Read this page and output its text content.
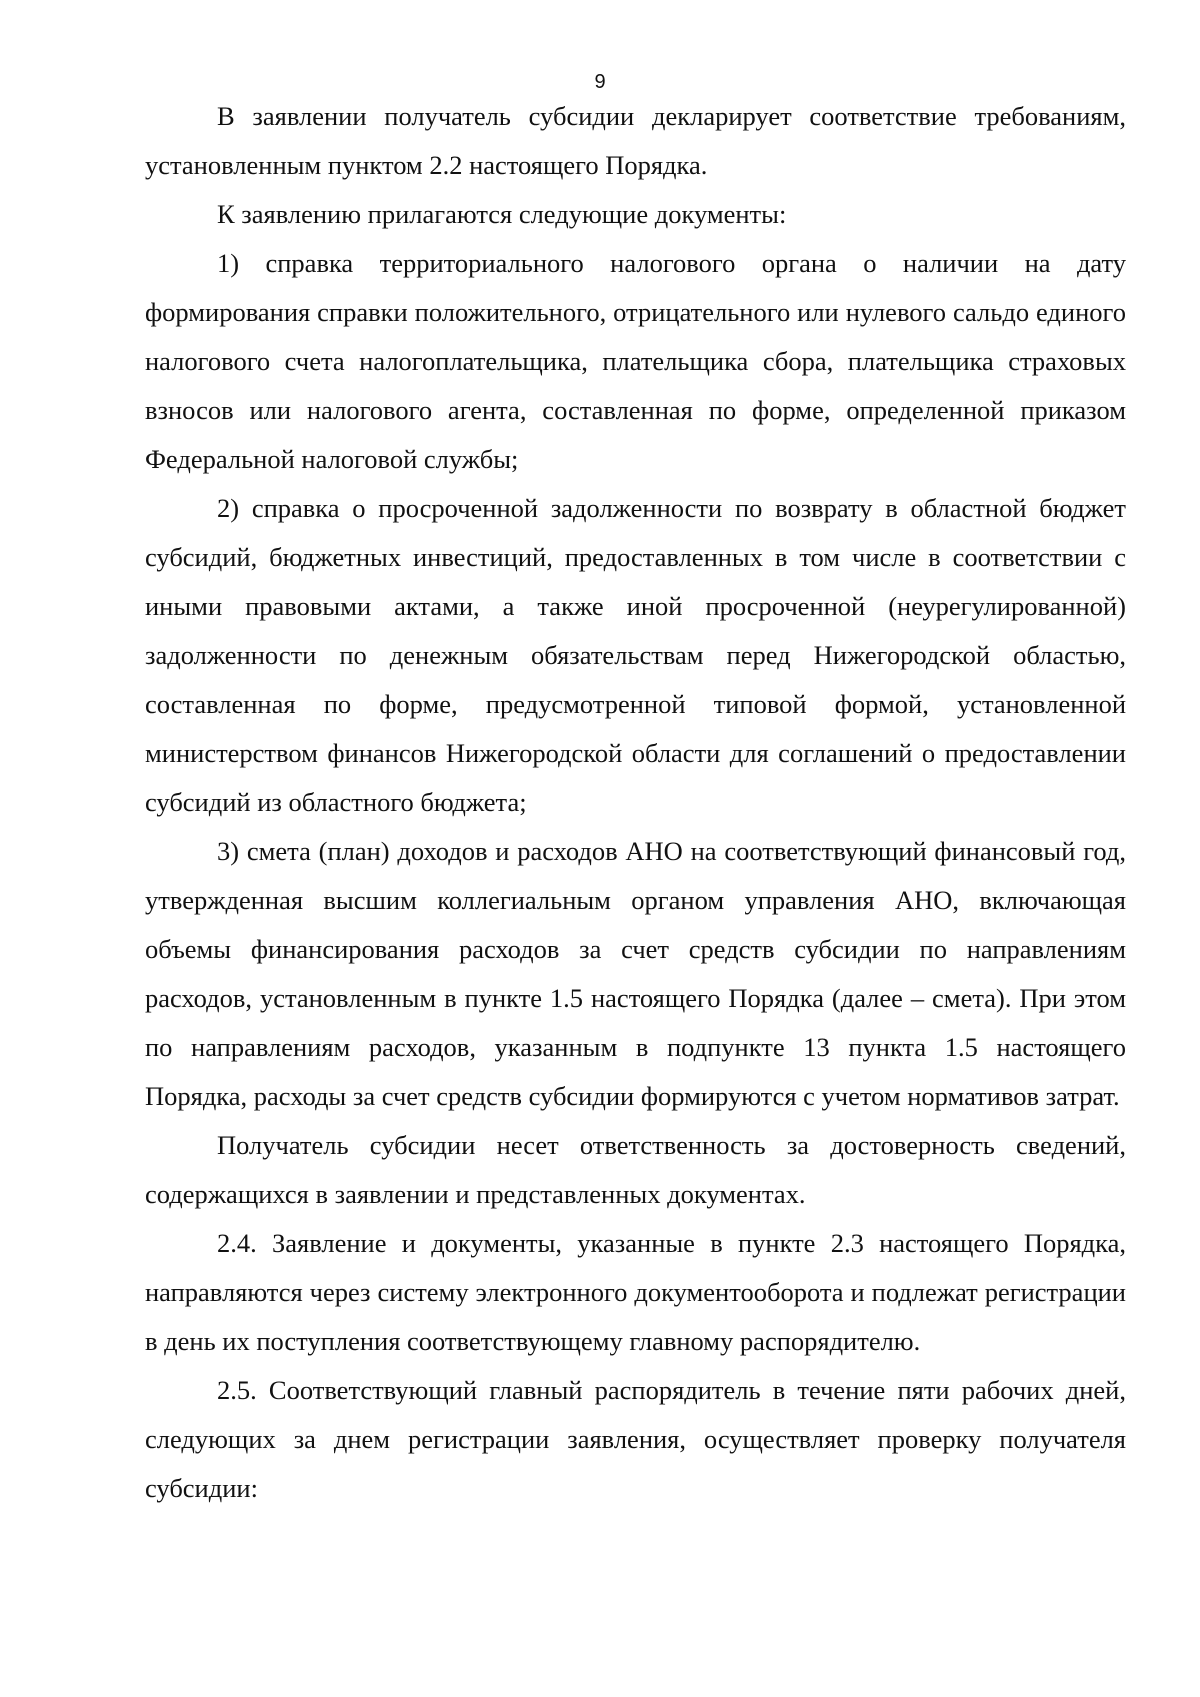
9

В заявлении получатель субсидии декларирует соответствие требованиям, установленным пунктом 2.2 настоящего Порядка.

К заявлению прилагаются следующие документы:

1) справка территориального налогового органа о наличии на дату формирования справки положительного, отрицательного или нулевого сальдо единого налогового счета налогоплательщика, плательщика сбора, плательщика страховых взносов или налогового агента, составленная по форме, определенной приказом Федеральной налоговой службы;

2) справка о просроченной задолженности по возврату в областной бюджет субсидий, бюджетных инвестиций, предоставленных в том числе в соответствии с иными правовыми актами, а также иной просроченной (неурегулированной) задолженности по денежным обязательствам перед Нижегородской областью, составленная по форме, предусмотренной типовой формой, установленной министерством финансов Нижегородской области для соглашений о предоставлении субсидий из областного бюджета;

3) смета (план) доходов и расходов АНО на соответствующий финансовый год, утвержденная высшим коллегиальным органом управления АНО, включающая объемы финансирования расходов за счет средств субсидии по направлениям расходов, установленным в пункте 1.5 настоящего Порядка (далее – смета). При этом по направлениям расходов, указанным в подпункте 13 пункта 1.5 настоящего Порядка, расходы за счет средств субсидии формируются с учетом нормативов затрат.

Получатель субсидии несет ответственность за достоверность сведений, содержащихся в заявлении и представленных документах.

2.4. Заявление и документы, указанные в пункте 2.3 настоящего Порядка, направляются через систему электронного документооборота и подлежат регистрации в день их поступления соответствующему главному распорядителю.

2.5. Соответствующий главный распорядитель в течение пяти рабочих дней, следующих за днем регистрации заявления, осуществляет проверку получателя субсидии:
